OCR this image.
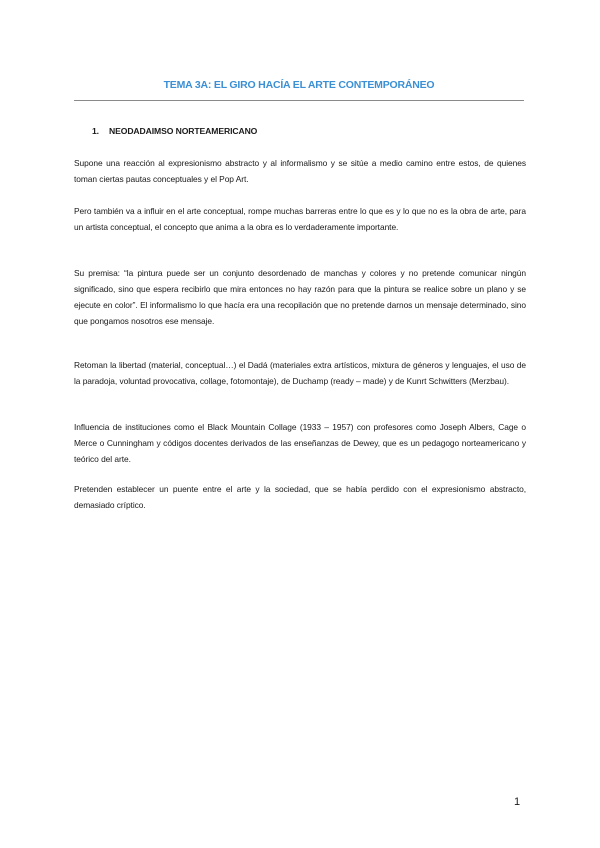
TEMA 3A: EL GIRO HACÍA EL ARTE CONTEMPORÁNEO
1. NEODADAIMSO NORTEAMERICANO

Supone una reacción al expresionismo abstracto y al informalismo y se sitúe a medio camino entre estos, de quienes toman ciertas pautas conceptuales y el Pop Art.

Pero también va a influir en el arte conceptual, rompe muchas barreras entre lo que es y lo que no es la obra de arte, para un artista conceptual, el concepto que anima a la obra es lo verdaderamente importante.

Su premisa: “la pintura puede ser un conjunto desordenado de manchas y colores y no pretende comunicar ningún significado, sino que espera recibirlo que mira entonces no hay razón para que la pintura se realice sobre un plano y se ejecute en color”. El informalismo lo que hacía era una recopilación que no pretende darnos un mensaje determinado, sino que pongamos nosotros ese mensaje.

Retoman la libertad (material, conceptual…) el Dadá (materiales extra artísticos, mixtura de géneros y lenguajes, el uso de la paradoja, voluntad provocativa, collage, fotomontaje), de Duchamp (ready – made) y de Kunrt Schwitters (Merzbau).

Influencia de instituciones como el Black Mountain Collage (1933 – 1957) con profesores como Joseph Albers, Cage o Merce o Cunningham y códigos docentes derivados de las enseñanzas de Dewey, que es un pedagogo norteamericano y teórico del arte.

Pretenden establecer un puente entre el arte y la sociedad, que se había perdido con el expresionismo abstracto, demasiado críptico.

1
